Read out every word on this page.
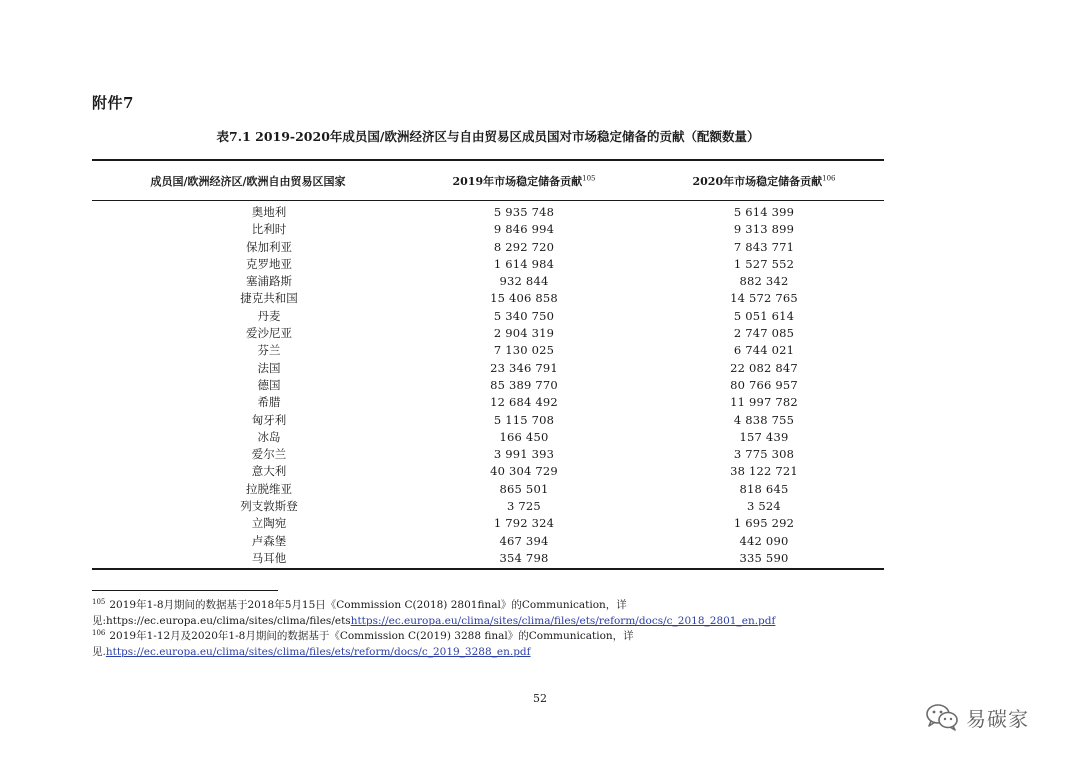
附件7
表7.1 2019-2020年成员国/欧洲经济区与自由贸易区成员国对市场稳定储备的贡献（配额数量）
成员国/欧洲经济区/欧洲自由贸易区国家	2019年市场稳定储备贡献$^{105}$	2020年市场稳定储备贡献$^{106}$
奥地利	5 935 748	5 614 399
比利时	9 846 994	9 313 899
保加利亚	8 292 720	7 843 771
克罗地亚	1 614 984	1 527 552
塞浦路斯	932 844	882 342
捷克共和国	15 406 858	14 572 765
丹麦	5 340 750	5 051 614
爱沙尼亚	2 904 319	2 747 085
芬兰	7 130 025	6 744 021
法国	23 346 791	22 082 847
德国	85 389 770	80 766 957
希腊	12 684 492	11 997 782
匈牙利	5 115 708	4 838 755
冰岛	166 450	157 439
爱尔兰	3 991 393	3 775 308
意大利	40 304 729	38 122 721
拉脱维亚	865 501	818 645
列支敦斯登	3 725	3 524
立陶宛	1 792 324	1 695 292
卢森堡	467 394	442 090
马耳他	354 798	335 590
$^{105}$ 2019年1-8月期间的数据基于2018年5月15日《Commission C(2018) 2801final》的Communication，详
见:https://ec.europa.eu/clima/sites/clima/files/etshttps://ec.europa.eu/clima/sites/clima/files/ets/reform/docs/c_2018_2801_en.pdf
$^{106}$ 2019年1-12月及2020年1-8月期间的数据基于《Commission C(2019) 3288 final》的Communication，详
见.https://ec.europa.eu/clima/sites/clima/files/ets/reform/docs/c_2019_3288_en.pdf
52
易碳家
